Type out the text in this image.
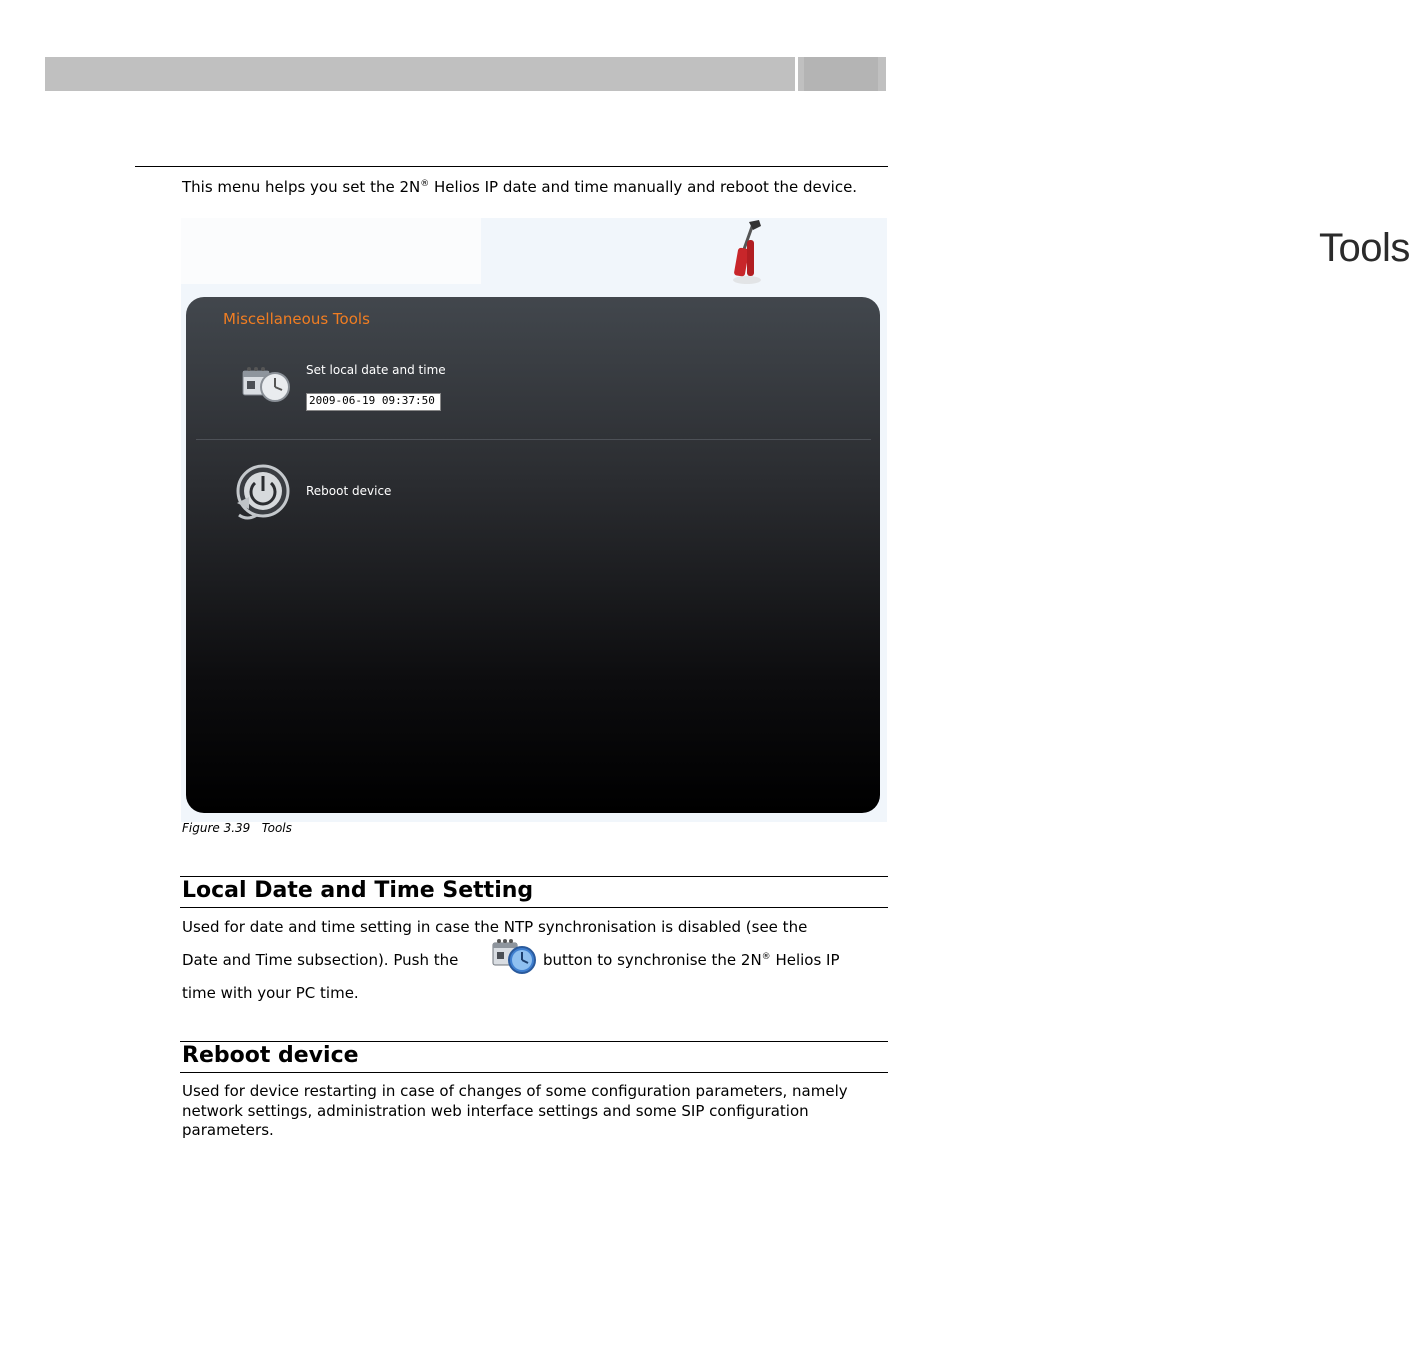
This menu helps you set the 2N® Helios IP date and time manually and reboot the device.
Tools
Miscellaneous Tools
Set local date and time
2009-06-19 09:37:50
Reboot device
Figure 3.39 Tools
Local Date and Time Setting
Used for date and time setting in case the NTP synchronisation is disabled (see the
Date and Time subsection). Push the	button to synchronise the 2N® Helios IP
time with your PC time.
Reboot device
Used for device restarting in case of changes of some configuration parameters, namely network settings, administration web interface settings and some SIP configuration parameters.
